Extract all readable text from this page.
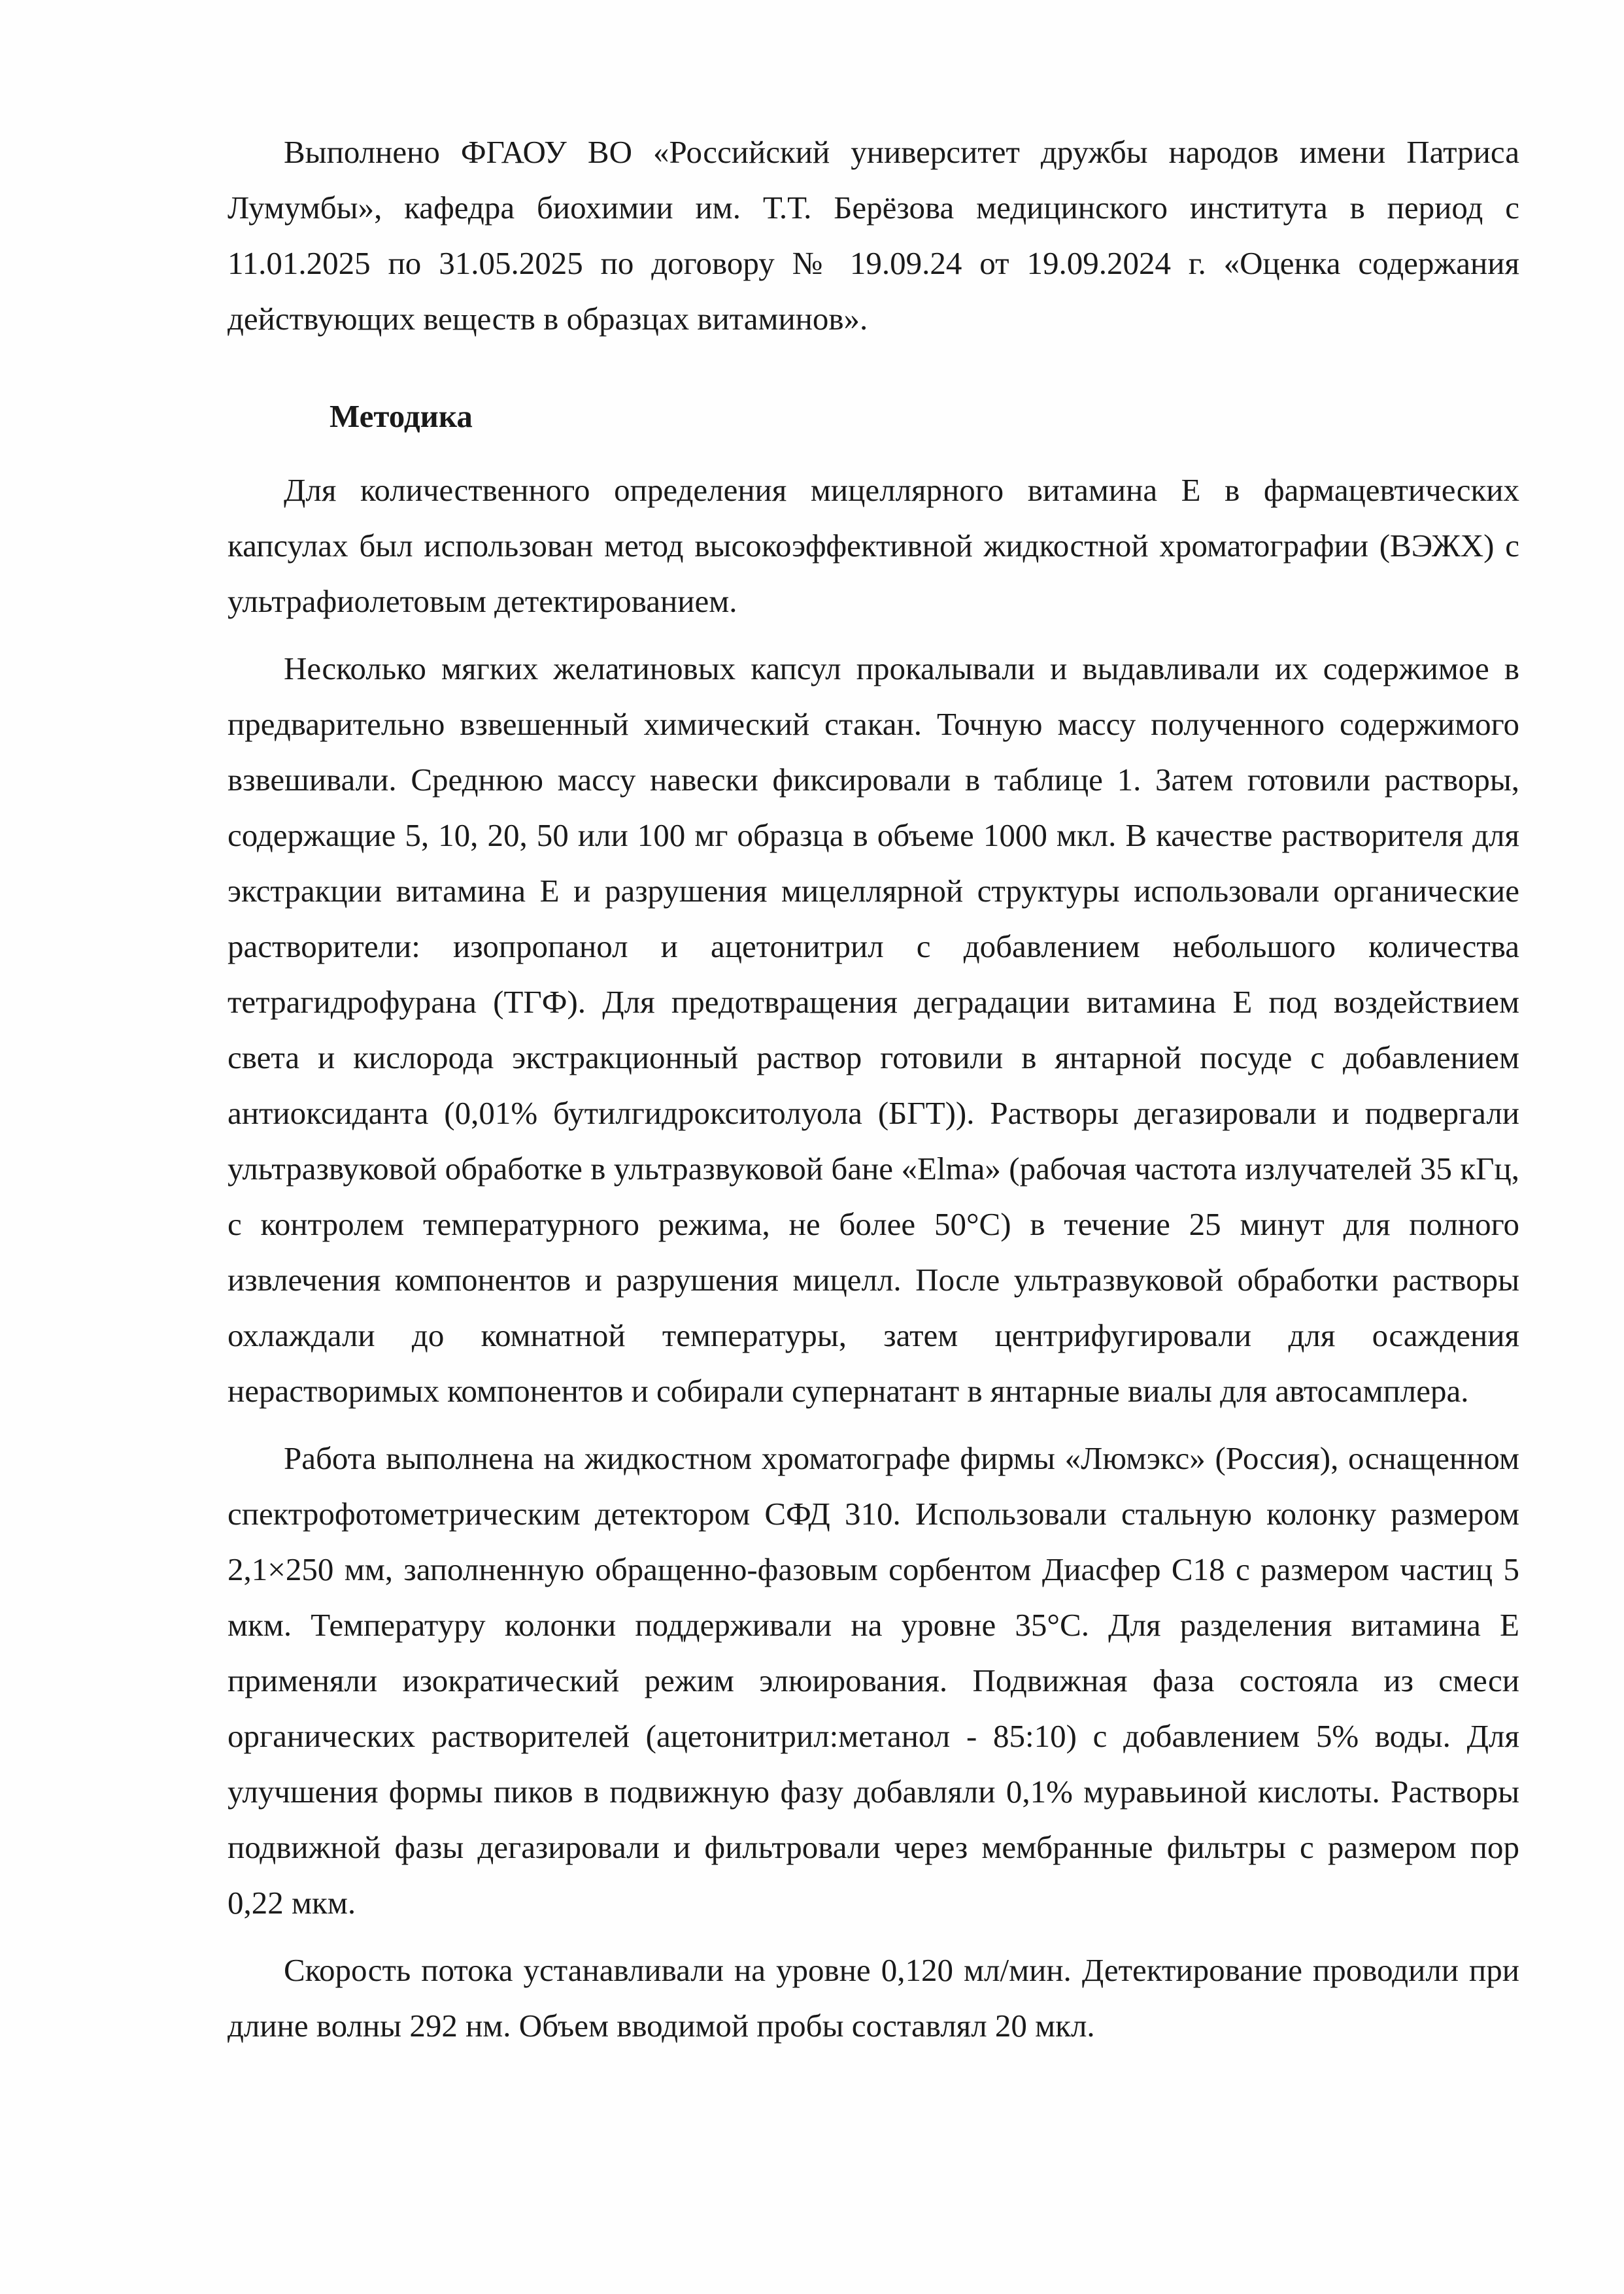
Выполнено ФГАОУ ВО «Российский университет дружбы народов имени Патриса Лумумбы», кафедра биохимии им. Т.Т. Берёзова медицинского института в период с 11.01.2025 по 31.05.2025 по договору № 19.09.24 от 19.09.2024 г. «Оценка содержания действующих веществ в образцах витаминов».

Методика

Для количественного определения мицеллярного витамина Е в фармацевтических капсулах был использован метод высокоэффективной жидкостной хроматографии (ВЭЖХ) с ультрафиолетовым детектированием.

Несколько мягких желатиновых капсул прокалывали и выдавливали их содержимое в предварительно взвешенный химический стакан. Точную массу полученного содержимого взвешивали. Среднюю массу навески фиксировали в таблице 1. Затем готовили растворы, содержащие 5, 10, 20, 50 или 100 мг образца в объеме 1000 мкл. В качестве растворителя для экстракции витамина Е и разрушения мицеллярной структуры использовали органические растворители: изопропанол и ацетонитрил с добавлением небольшого количества тетрагидрофурана (ТГФ). Для предотвращения деградации витамина Е под воздействием света и кислорода экстракционный раствор готовили в янтарной посуде с добавлением антиоксиданта (0,01% бутилгидрокситолуола (БГТ)). Растворы дегазировали и подвергали ультразвуковой обработке в ультразвуковой бане «Elma» (рабочая частота излучателей 35 кГц, с контролем температурного режима, не более 50°С) в течение 25 минут для полного извлечения компонентов и разрушения мицелл. После ультразвуковой обработки растворы охлаждали до комнатной температуры, затем центрифугировали для осаждения нерастворимых компонентов и собирали супернатант в янтарные виалы для автосамплера.

Работа выполнена на жидкостном хроматографе фирмы «Люмэкс» (Россия), оснащенном спектрофотометрическим детектором СФД 310. Использовали стальную колонку размером 2,1×250 мм, заполненную обращенно-фазовым сорбентом Диасфер С18 с размером частиц 5 мкм. Температуру колонки поддерживали на уровне 35°С. Для разделения витамина Е применяли изократический режим элюирования. Подвижная фаза состояла из смеси органических растворителей (ацетонитрил:метанол - 85:10) с добавлением 5% воды. Для улучшения формы пиков в подвижную фазу добавляли 0,1% муравьиной кислоты. Растворы подвижной фазы дегазировали и фильтровали через мембранные фильтры с размером пор 0,22 мкм.

Скорость потока устанавливали на уровне 0,120 мл/мин. Детектирование проводили при длине волны 292 нм. Объем вводимой пробы составлял 20 мкл.
